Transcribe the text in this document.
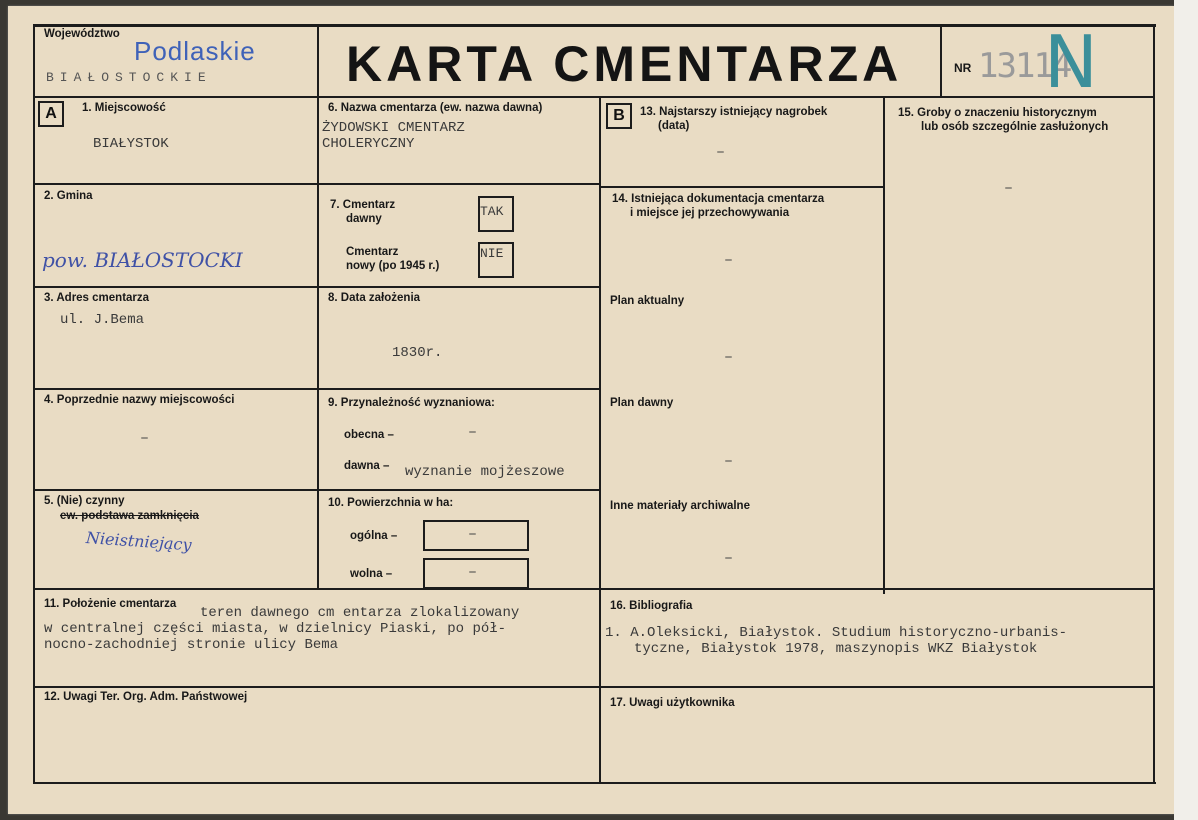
Województwo
Podlaskie
BIAŁOSTOCKIE	KARTA CMENTARZA	NR 13114
N
A	B
1. Miejscowość
BIAŁYSTOK
2. Gmina
pow. BIAŁOSTOCKI
3. Adres cmentarza
ul. J.Bema
4. Poprzednie nazwy miejscowości
–
5. (Nie) czynny
ew. podstawa zamknięcia
Nieistniejący
6. Nazwa cmentarza (ew. nazwa dawna)
ŻYDOWSKI CMENTARZ
CHOLERYCZNY
7. Cmentarz
dawny	TAK
Cmentarz
nowy (po 1945 r.)
NIE
8. Data założenia
1830r.
9. Przynależność wyznaniowa:
obecna –	–
dawna – wyznanie mojżeszowe
10. Powierzchnia w ha:
ogólna –	–
wolna –	–
13. Najstarszy istniejący nagrobek
(data)
–
14. Istniejąca dokumentacja cmentarza
i miejsce jej przechowywania
–
Plan aktualny
–
Plan dawny
–
Inne materiały archiwalne
–
15. Groby o znaczeniu historycznym
lub osób szczególnie zasłużonych
–
11. Położenie cmentarza
teren dawnego cm entarza zlokalizowany
w centralnej części miasta, w dzielnicy Piaski, po pół-
nocno-zachodniej stronie ulicy Bema
16. Bibliografia
1. A.Oleksicki, Białystok. Studium historyczno-urbanis-
tyczne, Białystok 1978, maszynopis WKZ Białystok
12. Uwagi Ter. Org. Adm. Państwowej	17. Uwagi użytkownika
